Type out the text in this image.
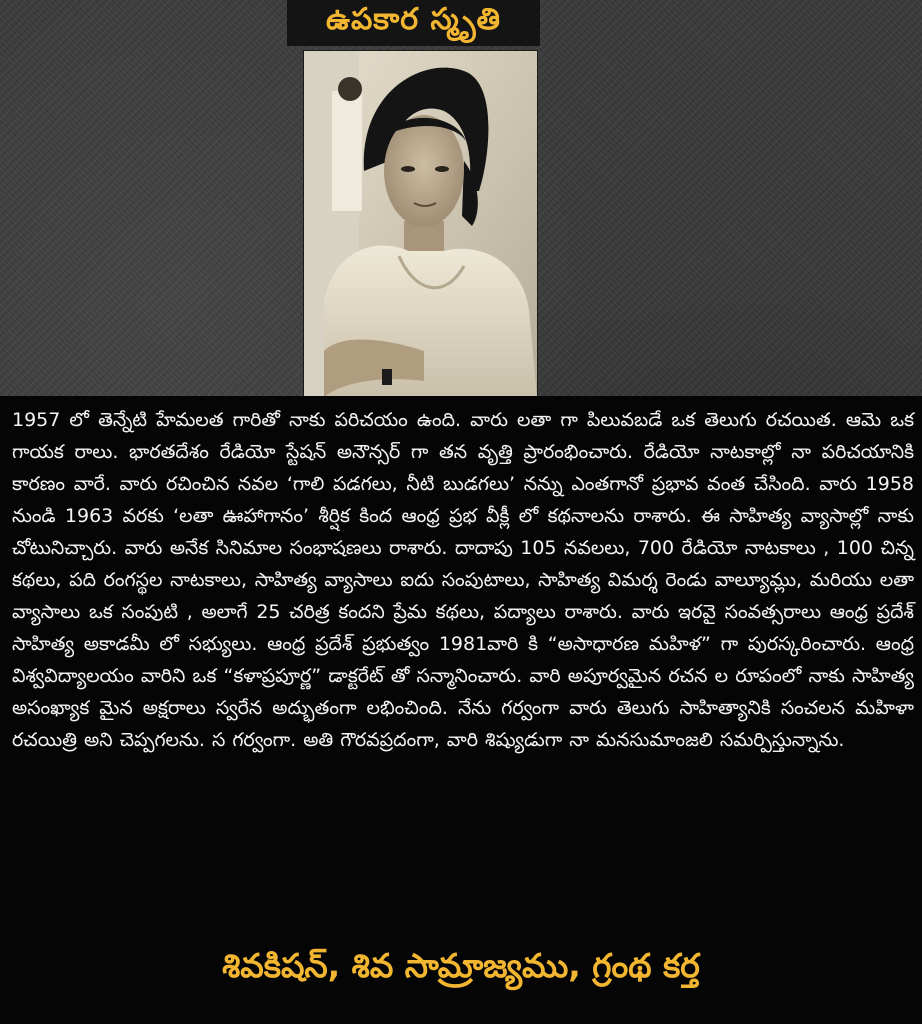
ఉపకార స్మృతి
1957 లో తెన్నేటి హేమలత గారితో నాకు పరిచయం ఉంది. వారు లతా గా పిలువబడే ఒక తెలుగు రచయిత. ఆమె ఒక గాయక రాలు. భారతదేశం రేడియో స్టేషన్ అనౌన్సర్ గా తన వృత్తి ప్రారంభించారు. రేడియో నాటకాల్లో నా పరిచయానికి కారణం వారే. వారు రచించిన నవల ‘గాలి పడగలు, నీటి బుడగలు’ నన్ను ఎంతగానో ప్రభావ వంత చేసింది. వారు 1958 నుండి 1963 వరకు ‘లతా ఊహాగానం’ శీర్షిక కింద ఆంధ్ర ప్రభ వీక్లీ లో కథనాలను రాశారు. ఈ సాహిత్య వ్యాసాల్లో నాకు చోటునిచ్చారు. వారు అనేక సినిమాల సంభాషణలు రాశారు. దాదాపు 105 నవలలు, 700 రేడియో నాటకాలు , 100 చిన్న కథలు, పది రంగస్థల నాటకాలు, సాహిత్య వ్యాసాలు ఐదు సంపుటాలు, సాహిత్య విమర్శ రెండు వాల్యూమ్లు, మరియు లతా వ్యాసాలు ఒక సంపుటి , అలాగే 25 చరిత్ర కందని ప్రేమ కథలు, పద్యాలు రాశారు. వారు ఇరవై సంవత్సరాలు ఆంధ్ర ప్రదేశ్ సాహిత్య అకాడమీ లో సభ్యులు. ఆంధ్ర ప్రదేశ్ ప్రభుత్వం 1981వారి కి “అసాధారణ మహిళ” గా పురస్కరించారు. ఆంధ్ర విశ్వవిద్యాలయం వారిని ఒక “కళాప్రపూర్ణ” డాక్టరేట్ తో సన్మానించారు. వారి అపూర్వమైన రచన ల రూపంలో నాకు సాహిత్య అసంఖ్యాక మైన అక్షరాలు స్వరేన అద్భుతంగా లభించింది. నేను గర్వంగా వారు తెలుగు సాహిత్యానికి సంచలన మహిళా రచయిత్రి అని చెప్పగలను. స గర్వంగా. అతి గౌరవప్రదంగా, వారి శిష్యుడుగా నా మనసుమాంజలి సమర్పిస్తున్నాను.
శివకిషన్, శివ సామ్రాజ్యము, గ్రంథ కర్త
